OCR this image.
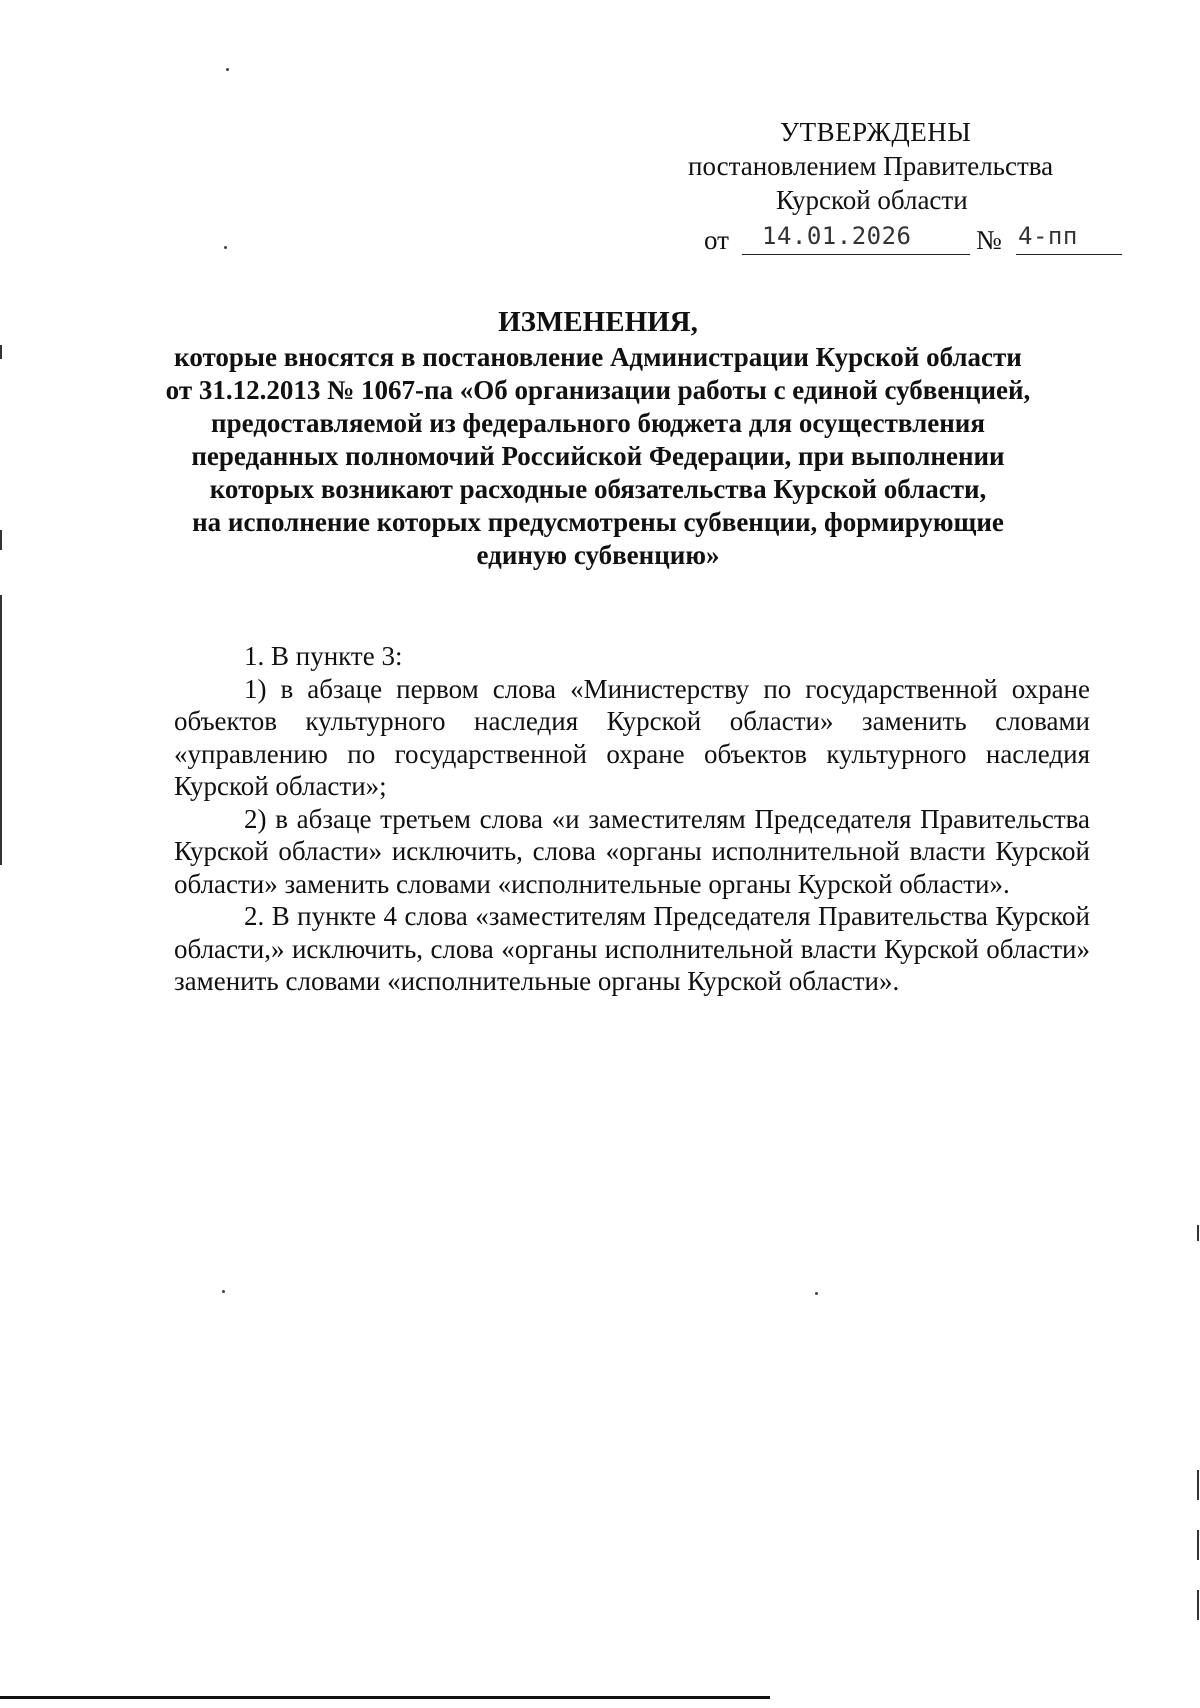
УТВЕРЖДЕНЫ
постановлением Правительства
Курской области
от 14.01.2026 № 4-пп
ИЗМЕНЕНИЯ,
которые вносятся в постановление Администрации Курской области
от 31.12.2013 № 1067-па «Об организации работы с единой субвенцией,
предоставляемой из федерального бюджета для осуществления
переданных полномочий Российской Федерации, при выполнении
которых возникают расходные обязательства Курской области,
на исполнение которых предусмотрены субвенции, формирующие
единую субвенцию»

1. В пункте 3:

1) в абзаце первом слова «Министерству по государственной охране объектов культурного наследия Курской области» заменить словами «управлению по государственной охране объектов культурного наследия Курской области»;

2) в абзаце третьем слова «и заместителям Председателя Правительства Курской области» исключить, слова «органы исполнительной власти Курской области» заменить словами «исполнительные органы Курской области».

2. В пункте 4 слова «заместителям Председателя Правительства Курской области,» исключить, слова «органы исполнительной власти Курской области» заменить словами «исполнительные органы Курской области».
